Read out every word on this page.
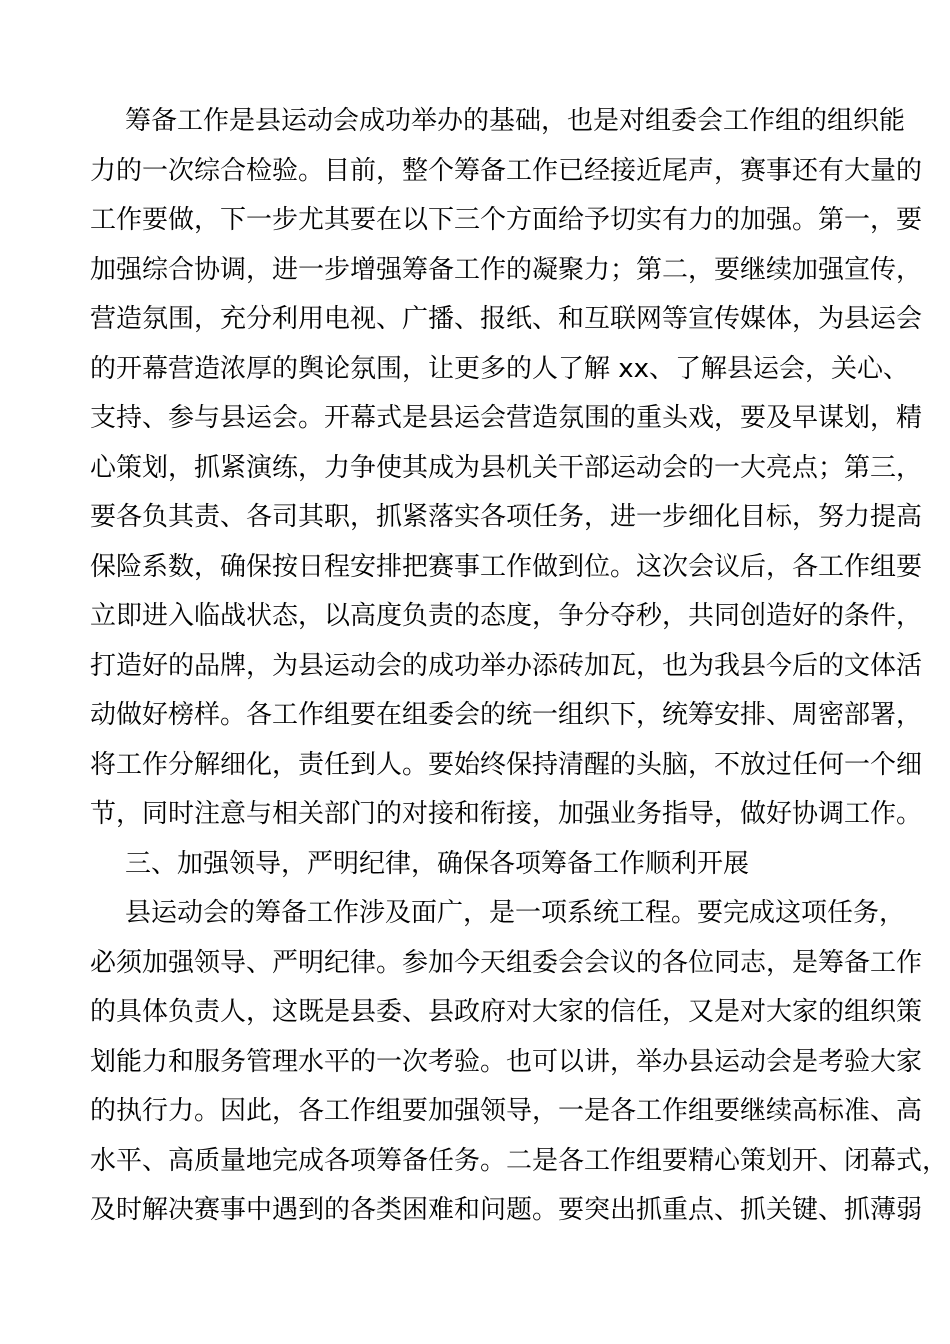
筹备工作是县运动会成功举办的基础，也是对组委会工作组的组织能
力的一次综合检验。目前，整个筹备工作已经接近尾声，赛事还有大量的
工作要做，下一步尤其要在以下三个方面给予切实有力的加强。第一，要
加强综合协调，进一步增强筹备工作的凝聚力；第二，要继续加强宣传，
营造氛围，充分利用电视、广播、报纸、和互联网等宣传媒体，为县运会
的开幕营造浓厚的舆论氛围，让更多的人了解 xx、了解县运会，关心、
支持、参与县运会。开幕式是县运会营造氛围的重头戏，要及早谋划，精
心策划，抓紧演练，力争使其成为县机关干部运动会的一大亮点；第三，
要各负其责、各司其职，抓紧落实各项任务，进一步细化目标，努力提高
保险系数，确保按日程安排把赛事工作做到位。这次会议后，各工作组要
立即进入临战状态，以高度负责的态度，争分夺秒，共同创造好的条件，
打造好的品牌，为县运动会的成功举办添砖加瓦，也为我县今后的文体活
动做好榜样。各工作组要在组委会的统一组织下，统筹安排、周密部署，
将工作分解细化，责任到人。要始终保持清醒的头脑，不放过任何一个细
节，同时注意与相关部门的对接和衔接，加强业务指导，做好协调工作。
三、加强领导，严明纪律，确保各项筹备工作顺利开展
县运动会的筹备工作涉及面广，是一项系统工程。要完成这项任务，
必须加强领导、严明纪律。参加今天组委会会议的各位同志，是筹备工作
的具体负责人，这既是县委、县政府对大家的信任，又是对大家的组织策
划能力和服务管理水平的一次考验。也可以讲，举办县运动会是考验大家
的执行力。因此，各工作组要加强领导，一是各工作组要继续高标准、高
水平、高质量地完成各项筹备任务。二是各工作组要精心策划开、闭幕式，
及时解决赛事中遇到的各类困难和问题。要突出抓重点、抓关键、抓薄弱
